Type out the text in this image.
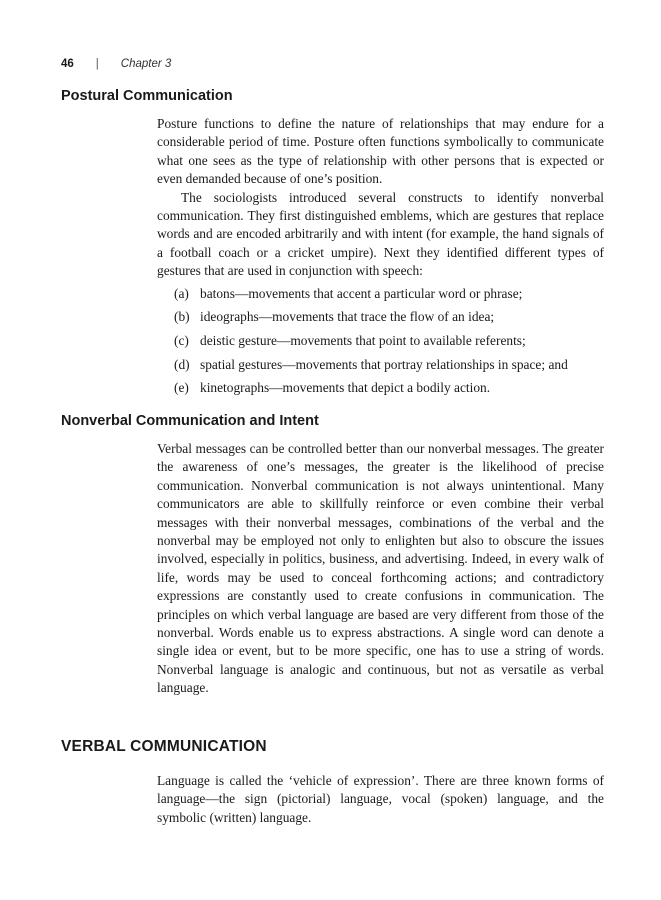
46 | Chapter 3
Postural Communication

Posture functions to define the nature of relationships that may endure for a considerable period of time. Posture often functions symbolically to communicate what one sees as the type of relationship with other persons that is expected or even demanded because of one’s position.

The sociologists introduced several constructs to identify nonverbal communication. They first distinguished emblems, which are gestures that replace words and are encoded arbitrarily and with intent (for example, the hand signals of a football coach or a cricket umpire). Next they identified different types of gestures that are used in conjunction with speech:

(a) batons—movements that accent a particular word or phrase;
(b) ideographs—movements that trace the flow of an idea;
(c) deistic gesture—movements that point to available referents;
(d) spatial gestures—movements that portray relationships in space; and
(e) kinetographs—movements that depict a bodily action.
Nonverbal Communication and Intent

Verbal messages can be controlled better than our nonverbal messages. The greater the awareness of one’s messages, the greater is the likelihood of precise communication. Nonverbal communication is not always unintentional. Many communicators are able to skillfully reinforce or even combine their verbal messages with their nonverbal messages, combinations of the verbal and the nonverbal may be employed not only to enlighten but also to obscure the issues involved, especially in politics, business, and advertising. Indeed, in every walk of life, words may be used to conceal forthcoming actions; and contradictory expressions are constantly used to create confusions in communication. The principles on which verbal language are based are very different from those of the nonverbal. Words enable us to express abstractions. A single word can denote a single idea or event, but to be more specific, one has to use a string of words. Nonverbal language is analogic and continuous, but not as versatile as verbal language.

VERBAL COMMUNICATION

Language is called the ‘vehicle of expression’. There are three known forms of language—the sign (pictorial) language, vocal (spoken) language, and the symbolic (written) language.
